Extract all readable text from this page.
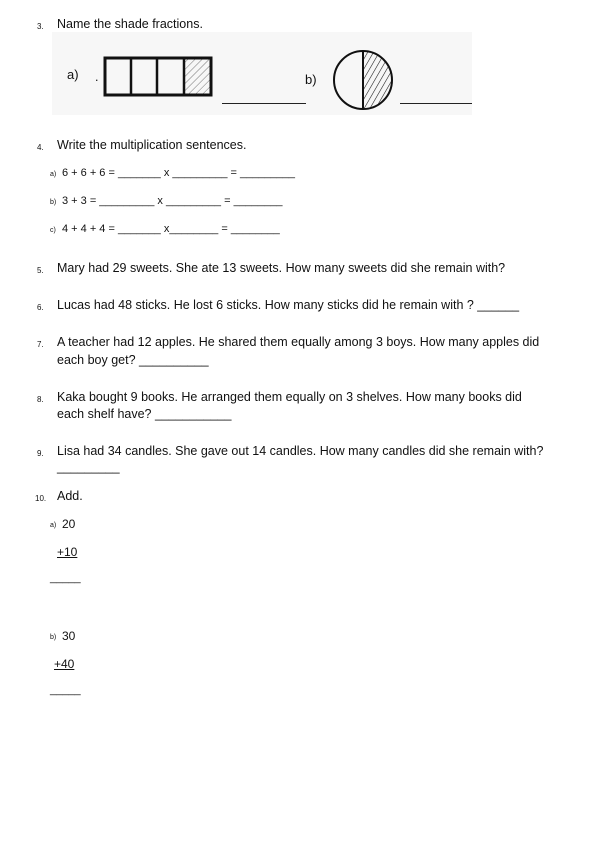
3. Name the shade fractions.
a) .	b)
4. Write the multiplication sentences.
a) 6 + 6 + 6 = _______ x _________ = _________
b) 3 + 3 = _________ x _________ = ________
c) 4 + 4 + 4 = _______ x________ = ________
5. Mary had 29 sweets. She ate 13 sweets. How many sweets did she remain with?
6. Lucas had 48 sticks. He lost 6 sticks. How many sticks did he remain with ? ______
7. A teacher had 12 apples. He shared them equally among 3 boys. How many apples did
each boy get? __________
8. Kaka bought 9 books. He arranged them equally on 3 shelves. How many books did
each shelf have? ___________
9. Lisa had 34 candles. She gave out 14 candles. How many candles did she remain with?
_________
10. Add.
a) 20
+10
_____
b) 30
+40
_____
